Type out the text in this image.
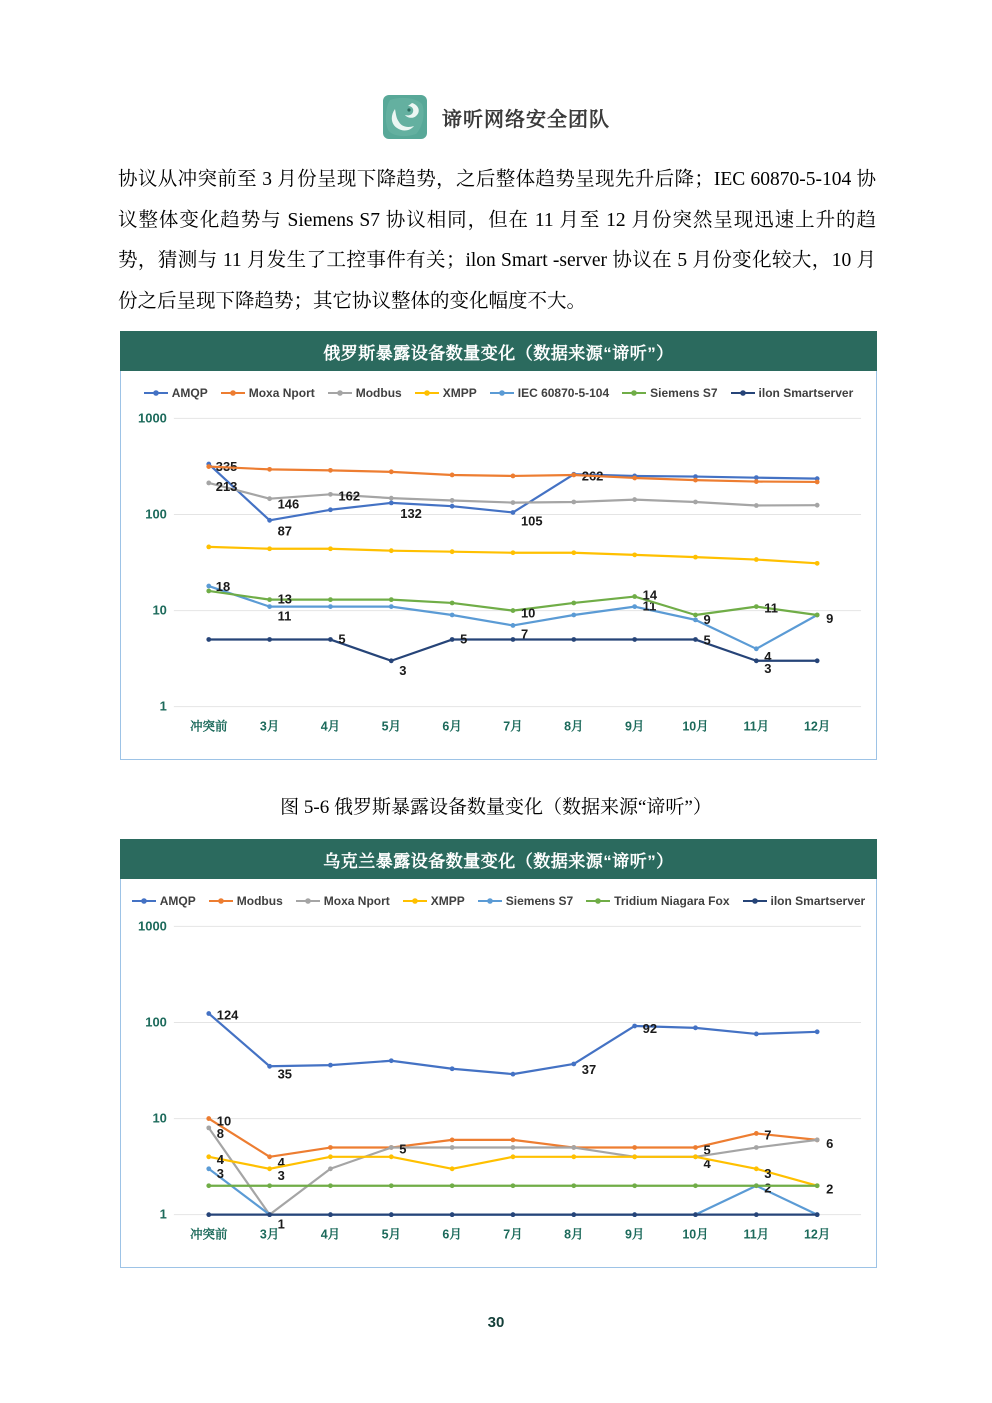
谛听网络安全团队

协议从冲突前至 3 月份呈现下降趋势，之后整体趋势呈现先升后降；IEC 60870-5-104 协议整体变化趋势与 Siemens S7 协议相同，但在 11 月至 12 月份突然呈现迅速上升的趋势，猜测与 11 月发生了工控事件有关；ilon Smart -server 协议在 5 月份变化较大，10 月份之后呈现下降趋势；其它协议整体的变化幅度不大。

俄罗斯暴露设备数量变化（数据来源“谛听”）
AMQP	Moxa Nport	Modbus	XMPP	IEC 60870-5-104	Siemens S7	ilon Smartserver
1000
100
10
1
冲突前	3月	4月	5月	6月	7月	8月	9月	10月	11月	12月
335
87
132
105
262
213
146
162
18
11
7
11
4
13
10
14
9
11
9
5
3
5	5
3
图 5-6 俄罗斯暴露设备数量变化（数据来源“谛听”）
乌克兰暴露设备数量变化（数据来源“谛听”）
AMQP	Modbus	Moxa Nport	XMPP	Siemens S7	Tridium Niagara Fox	ilon Smartserver
1000
100
10
1
冲突前	3月	4月	5月	6月	7月	8月	9月	10月	11月	12月
124
35	37
92
10
4
5
7
6
8
1
5
4
4
3	3
2
3
2
30
